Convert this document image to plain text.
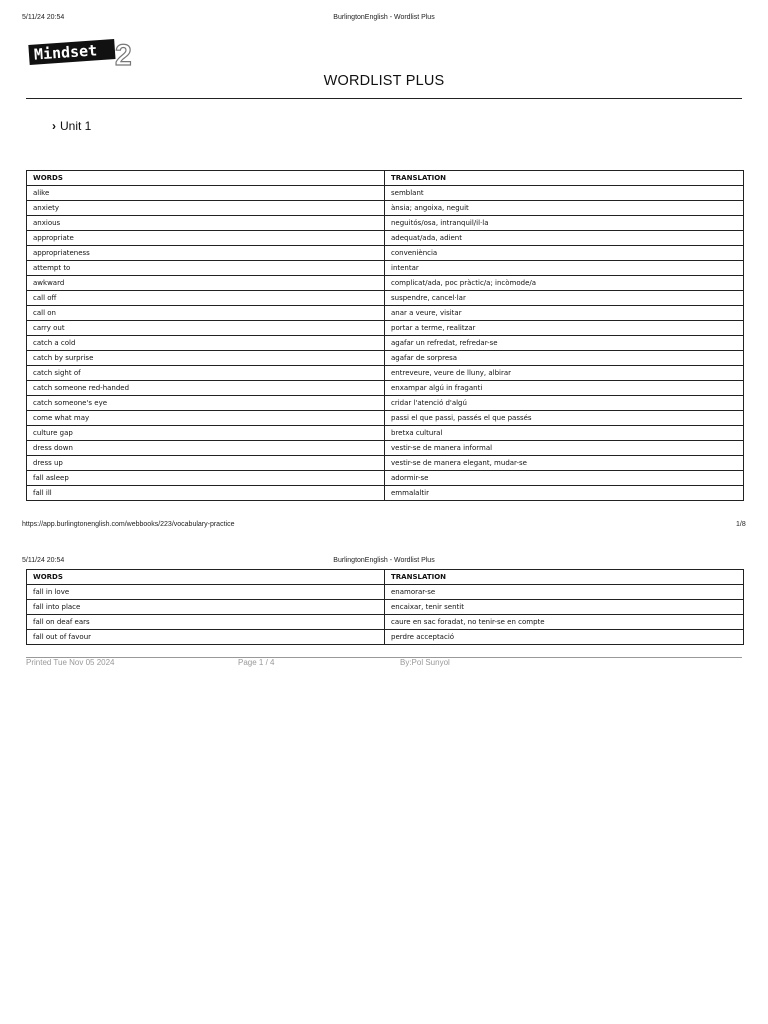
5/11/24 20:54	BurlingtonEnglish - Wordlist Plus
Mindset 2
WORDLIST PLUS
› Unit 1
WORDS	TRANSLATION
alike	semblant
anxiety	ànsia; angoixa, neguit
anxious	neguitós/osa, intranquil/il·la
appropriate	adequat/ada, adient
appropriateness	conveniència
attempt to	intentar
awkward	complicat/ada, poc pràctic/a; incòmode/a
call off	suspendre, cancel·lar
call on	anar a veure, visitar
carry out	portar a terme, realitzar
catch a cold	agafar un refredat, refredar-se
catch by surprise	agafar de sorpresa
catch sight of	entreveure, veure de lluny, albirar
catch someone red-handed	enxampar algú in fraganti
catch someone's eye	cridar l'atenció d'algú
come what may	passi el que passi, passés el que passés
culture gap	bretxa cultural
dress down	vestir-se de manera informal
dress up	vestir-se de manera elegant, mudar-se
fall asleep	adormir-se
fall ill	emmalaltir
https://app.burlingtonenglish.com/webbooks/223/vocabulary-practice	1/8
5/11/24 20:54	BurlingtonEnglish - Wordlist Plus
WORDS	TRANSLATION
fall in love	enamorar-se
fall into place	encaixar, tenir sentit
fall on deaf ears	caure en sac foradat, no tenir-se en compte
fall out of favour	perdre acceptació
Printed Tue Nov 05 2024	Page 1 / 4	By:Pol Sunyol
